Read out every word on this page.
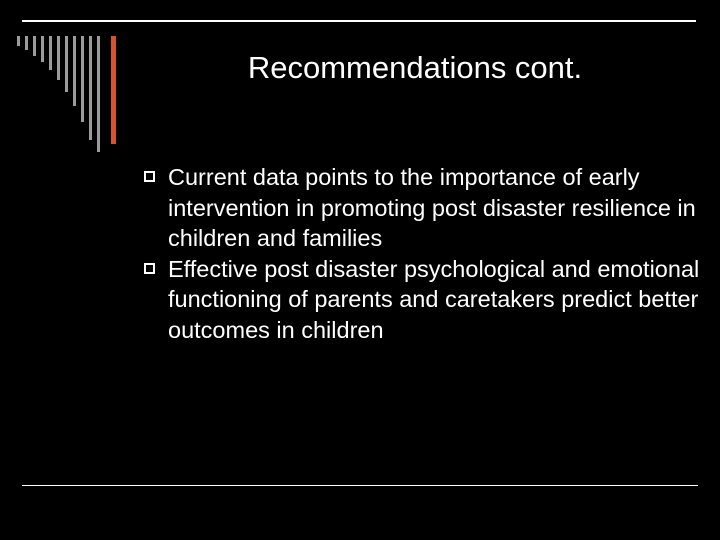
Recommendations cont.
Current data points to the importance of early intervention in promoting post disaster resilience in children and families
Effective post disaster psychological and emotional functioning of parents and caretakers predict better outcomes in children
